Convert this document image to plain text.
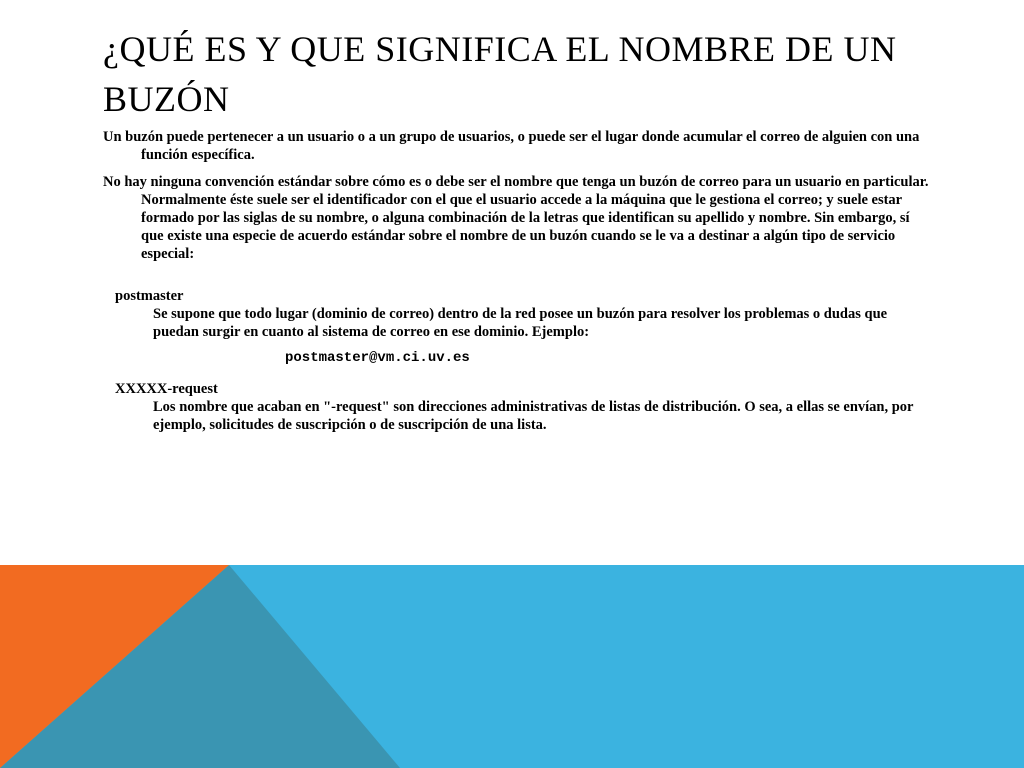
¿QUÉ ES Y QUE SIGNIFICA EL NOMBRE DE UN BUZÓN

Un buzón puede pertenecer a un usuario o a un grupo de usuarios, o puede ser el lugar donde acumular el correo de alguien con una función específica.

No hay ninguna convención estándar sobre cómo es o debe ser el nombre que tenga un buzón de correo para un usuario en particular. Normalmente éste suele ser el identificador con el que el usuario accede a la máquina que le gestiona el correo; y suele estar formado por las siglas de su nombre, o alguna combinación de la letras que identifican su apellido y nombre. Sin embargo, sí que existe una especie de acuerdo estándar sobre el nombre de un buzón cuando se le va a destinar a algún tipo de servicio especial:

postmaster
Se supone que todo lugar (dominio de correo) dentro de la red posee un buzón para resolver los problemas o dudas que puedan surgir en cuanto al sistema de correo en ese dominio. Ejemplo:
postmaster@vm.ci.uv.es
XXXXX-request
Los nombre que acaban en "-request" son direcciones administrativas de listas de distribución. O sea, a ellas se envían, por ejemplo, solicitudes de suscripción o de suscripción de una lista.
